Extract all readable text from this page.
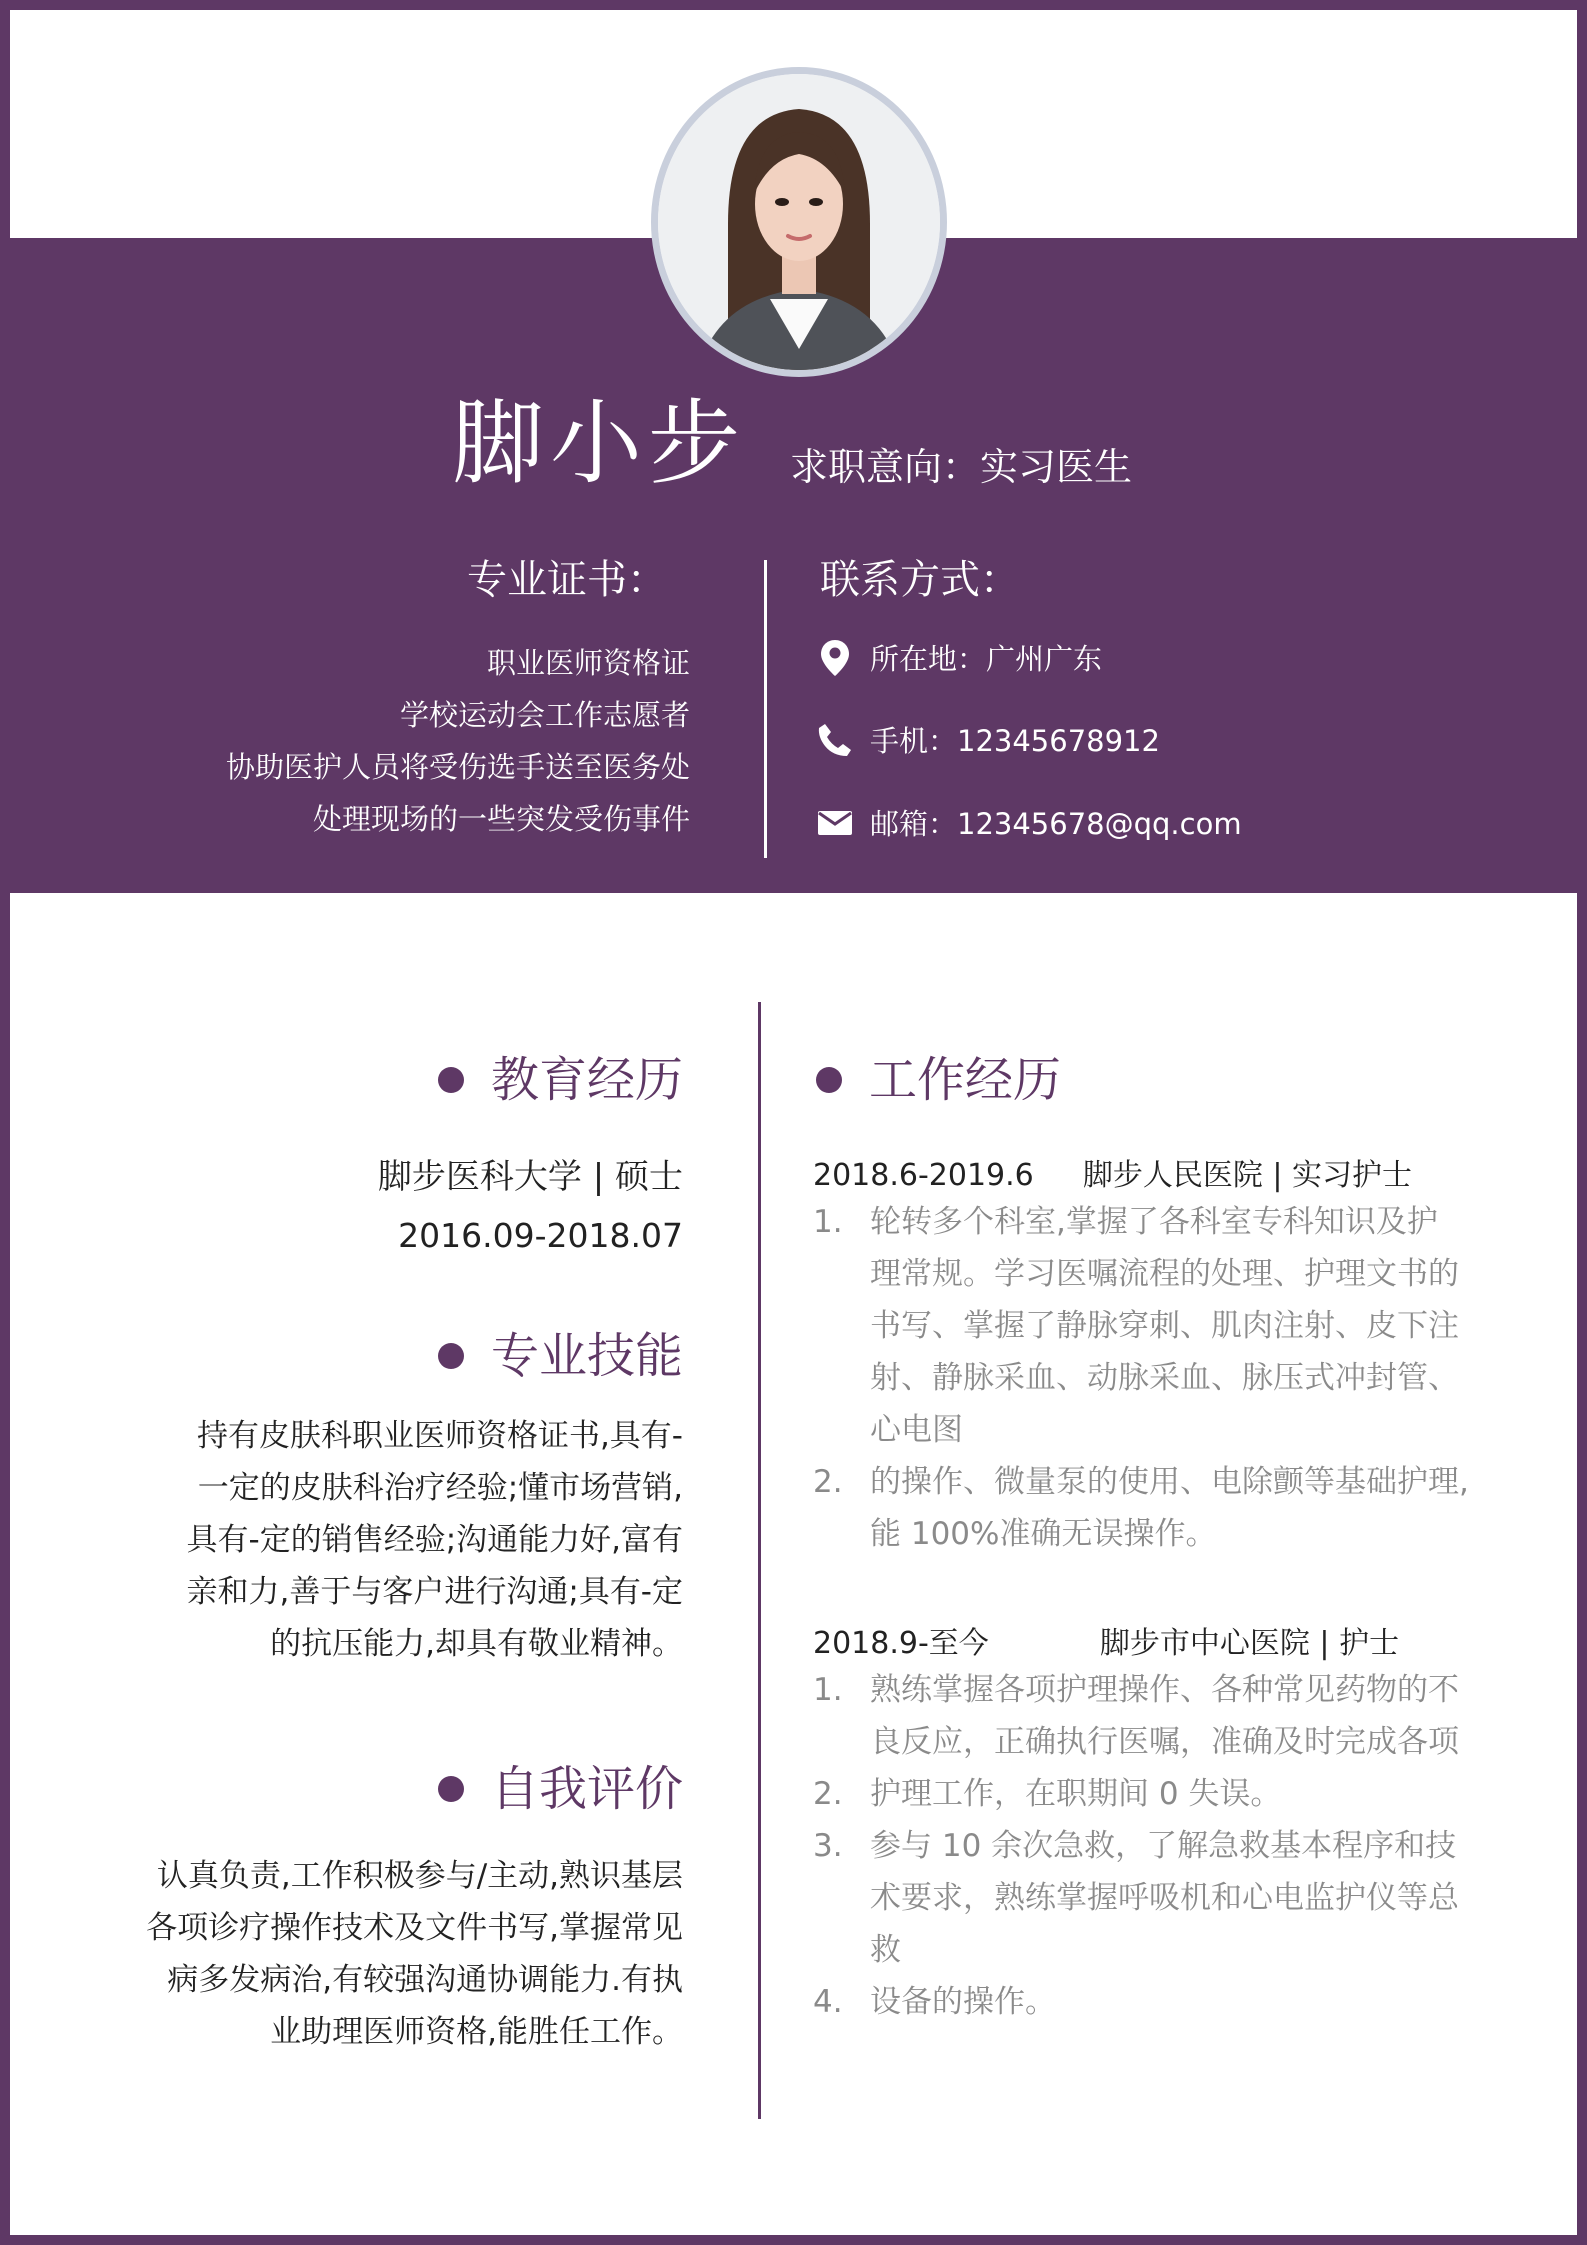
脚小步 求职意向：实习医生
专业证书：
职业医师资格证
学校运动会工作志愿者
协助医护人员将受伤选手送至医务处
处理现场的一些突发受伤事件
联系方式：
所在地：广州广东
手机：12345678912
邮箱：12345678@qq.com
教育经历
脚步医科大学 | 硕士
2016.09-2018.07
专业技能
持有皮肤科职业医师资格证书,具有-
一定的皮肤科治疗经验;懂市场营销,
具有-定的销售经验;沟通能力好,富有
亲和力,善于与客户进行沟通;具有-定
的抗压能力,却具有敬业精神。
自我评价
认真负责,工作积极参与/主动,熟识基层
各项诊疗操作技术及文件书写,掌握常见
病多发病治,有较强沟通协调能力.有执
业助理医师资格,能胜任工作。
工作经历
2018.6-2019.6 脚步人民医院 | 实习护士
1. 轮转多个科室,掌握了各科室专科知识及护
理常规。学习医嘱流程的处理、护理文书的
书写、掌握了静脉穿刺、肌肉注射、皮下注
射、静脉采血、动脉采血、脉压式冲封管、
心电图
2. 的操作、微量泵的使用、电除颤等基础护理,
能 100%准确无误操作。
2018.9-至今	脚步市中心医院 | 护士
1. 熟练掌握各项护理操作、各种常见药物的不
良反应，正确执行医嘱，准确及时完成各项
2. 护理工作，在职期间 0 失误。
3. 参与 10 余次急救，了解急救基本程序和技
术要求，熟练掌握呼吸机和心电监护仪等总
救
4. 设备的操作。
